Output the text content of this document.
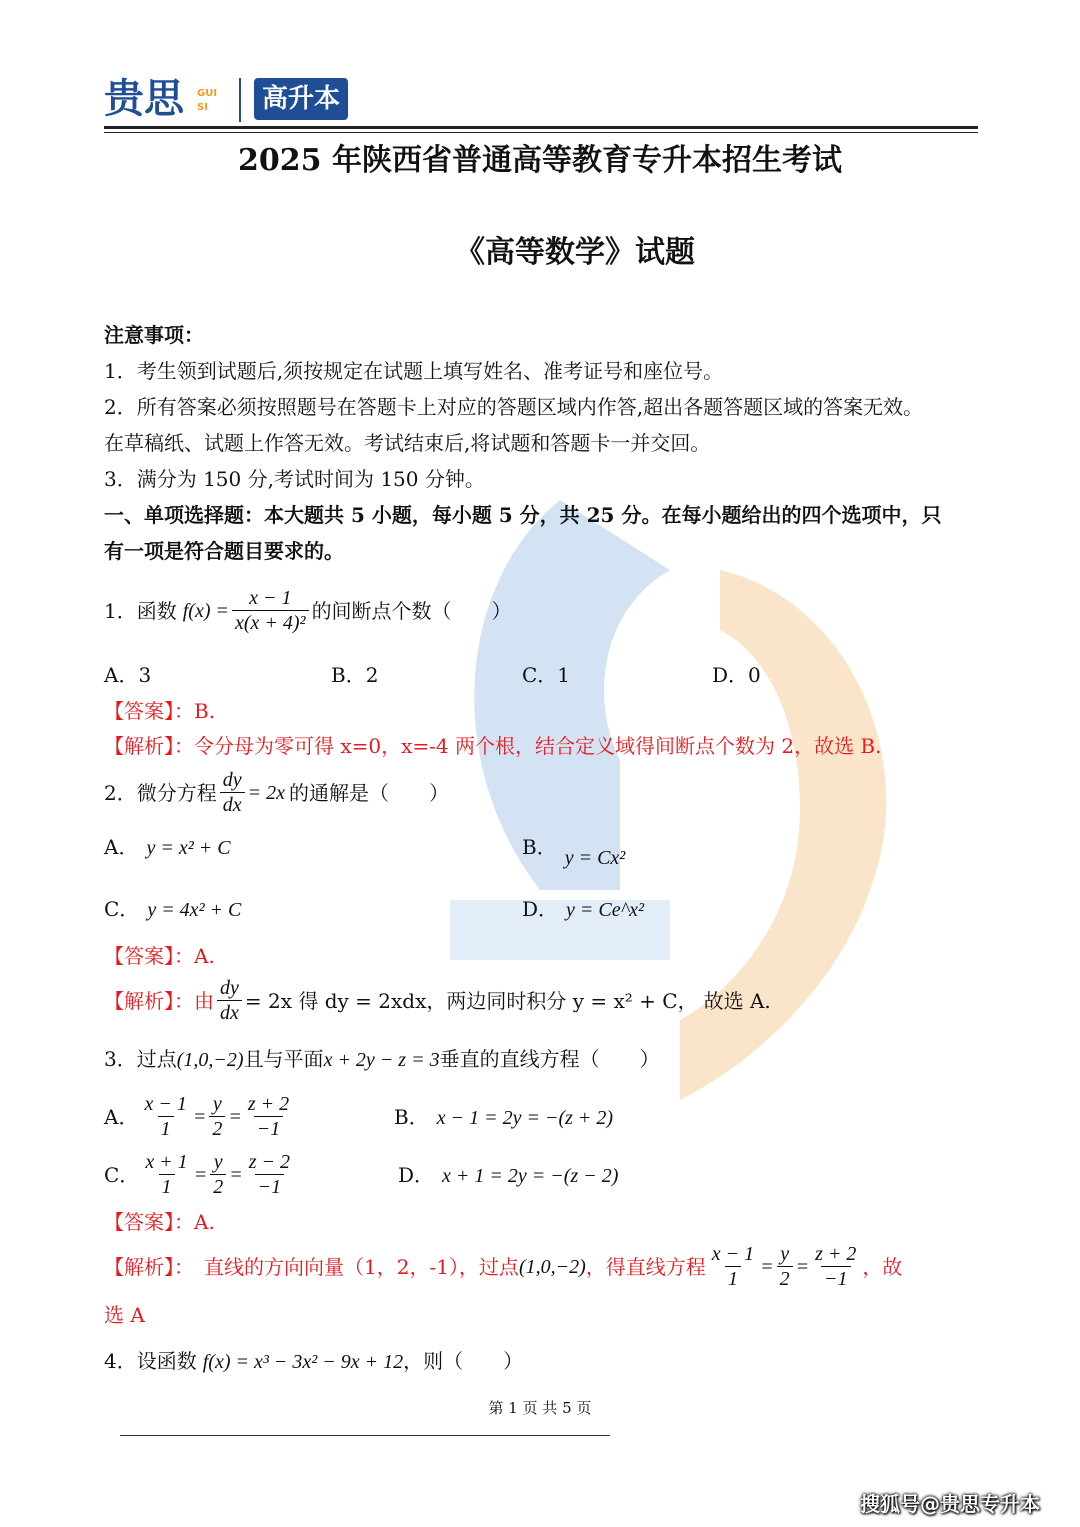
贵思 GUI
SI 高升本
2025 年陕西省普通高等教育专升本招生考试
《高等数学》试题
注意事项：
1．考生领到试题后,须按规定在试题上填写姓名、准考证号和座位号。
2．所有答案必须按照题号在答题卡上对应的答题区域内作答,超出各题答题区域的答案无效。
在草稿纸、试题上作答无效。考试结束后,将试题和答题卡一并交回。
3．满分为 150 分,考试时间为 150 分钟。
一、单项选择题：本大题共 5 小题，每小题 5 分，共 25 分。在每小题给出的四个选项中，只
有一项是符合题目要求的。
1．函数 $f(x) = \frac{x - 1}{\text{x(x + 4)²}}$ 的间断点个数（　　）
A．3	B．2	C．1	D．0
【答案】：B.
【解析】：令分母为零可得 x=0，x=-4 两个根，结合定义域得间断点个数为 2，故选 B.
2．微分方程 $\frac{dy}{dx} = 2x$ 的通解是（　　）
A． y = x² + C	B． y = Cx²
C． y = 4x² + C	D． y = Ce^x²
【答案】：A.
【解析】： 由 $\frac{dy}{dx} = 2x$ 得 dy = 2xdx，两边同时积分 y = x² + C， 故选 A.
3．过点(1,0,−2)且与平面x + 2y − z = 3垂直的直线方程（　　）
A． $\frac{x - 1}{1} = \frac{y}{2} = \frac{z + 2}{-1}$	B． x − 1 = 2y = −(z + 2)
C． $\frac{x + 1}{1} = \frac{y}{2} = \frac{z - 2}{-1}$	D． x + 1 = 2y = −(z − 2)
【答案】：A.
【解析】： 直线的方向向量（1，2，-1），过点 (1,0,−2) ，得直线方程 $\frac{x - 1}{1} = \frac{y}{2} = \frac{z + 2}{-1}$ ，故
选 A
4．设函数 f(x) = x³ − 3x² − 9x + 12，则（　　）
第 1 页 共 5 页
搜狐号@贵思专升本
